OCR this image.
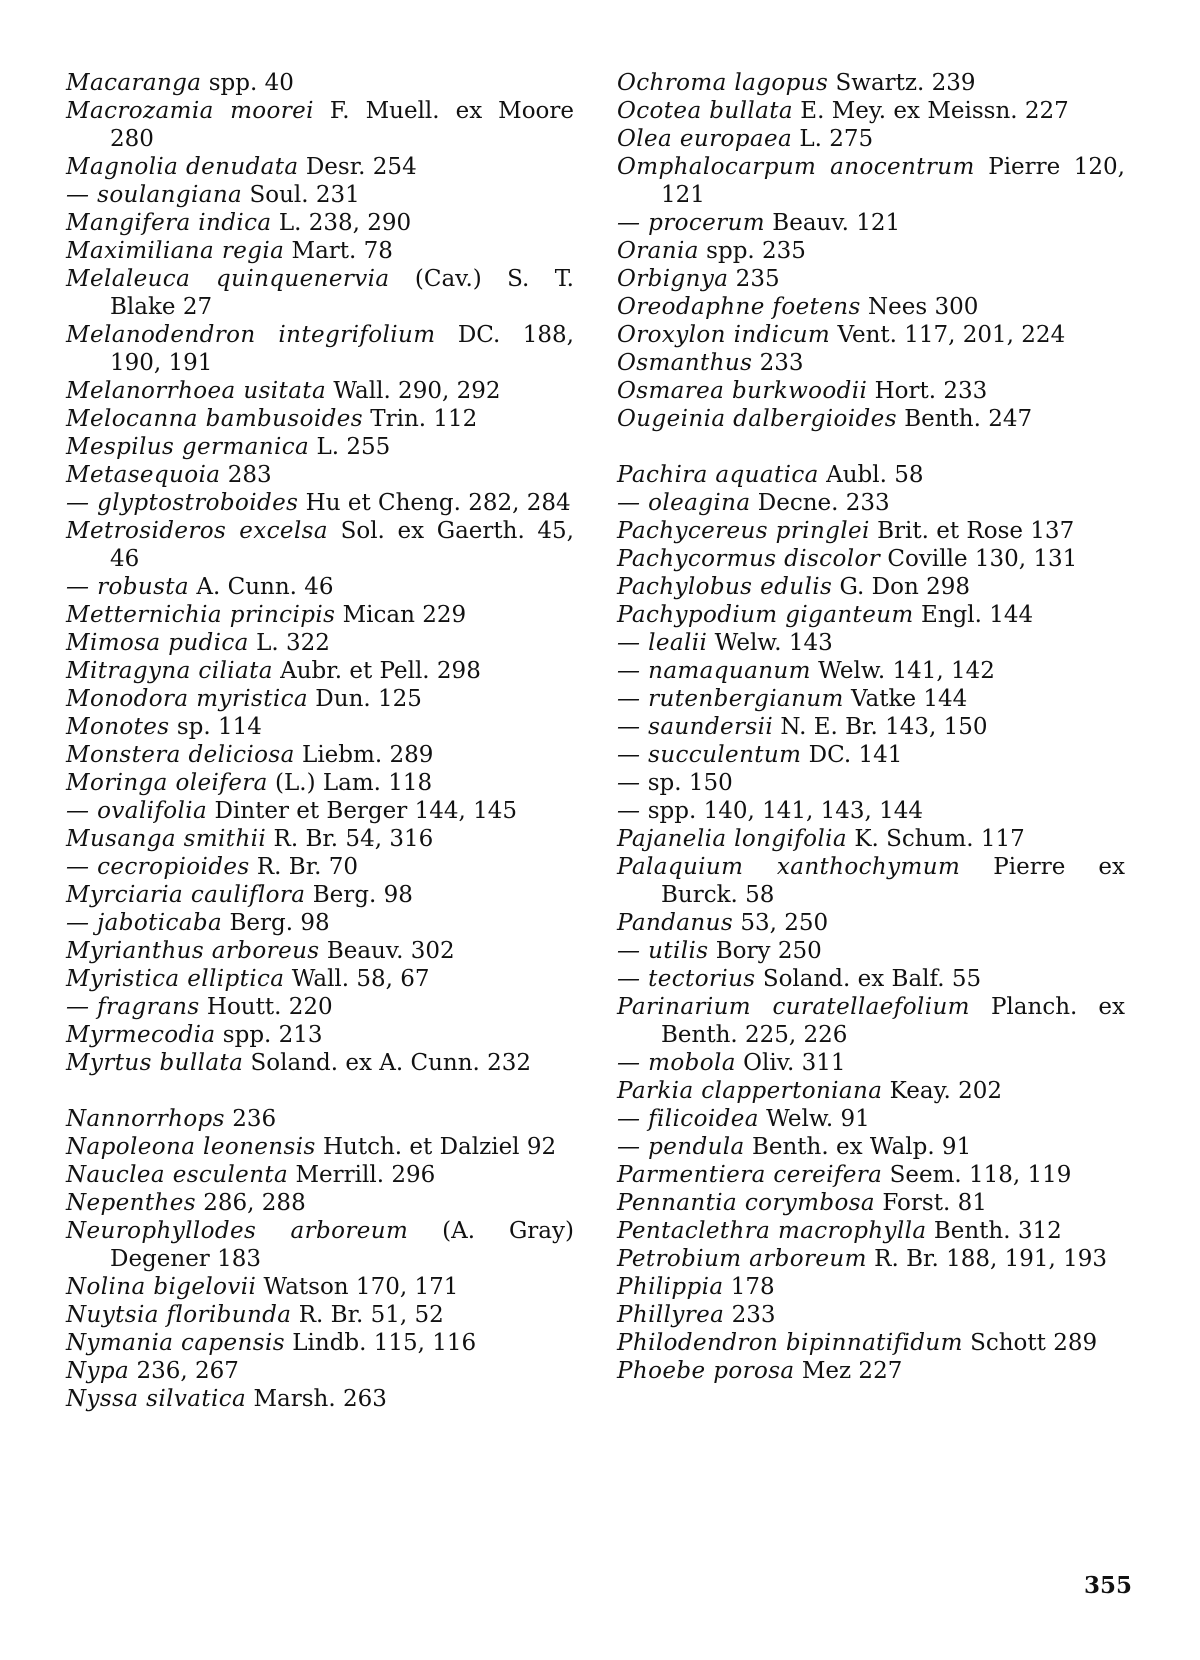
Macaranga spp. 40
Macrozamia moorei F. Muell. ex Moore 280
Magnolia denudata Desr. 254
— soulangiana Soul. 231
Mangifera indica L. 238, 290
Maximiliana regia Mart. 78
Melaleuca quinquenervia (Cav.) S. T. Blake 27
Melanodendron integrifolium DC. 188, 190, 191
Melanorrhoea usitata Wall. 290, 292
Melocanna bambusoides Trin. 112
Mespilus germanica L. 255
Metasequoia 283
— glyptostroboides Hu et Cheng. 282, 284
Metrosideros excelsa Sol. ex Gaerth. 45, 46
— robusta A. Cunn. 46
Metternichia principis Mican 229
Mimosa pudica L. 322
Mitragyna ciliata Aubr. et Pell. 298
Monodora myristica Dun. 125
Monotes sp. 114
Monstera deliciosa Liebm. 289
Moringa oleifera (L.) Lam. 118
— ovalifolia Dinter et Berger 144, 145
Musanga smithii R. Br. 54, 316
— cecropioides R. Br. 70
Myrciaria cauliflora Berg. 98
— jaboticaba Berg. 98
Myrianthus arboreus Beauv. 302
Myristica elliptica Wall. 58, 67
— fragrans Houtt. 220
Myrmecodia spp. 213
Myrtus bullata Soland. ex A. Cunn. 232
Nannorrhops 236
Napoleona leonensis Hutch. et Dalziel 92
Nauclea esculenta Merrill. 296
Nepenthes 286, 288
Neurophyllodes arboreum (A. Gray) Degener 183
Nolina bigelovii Watson 170, 171
Nuytsia floribunda R. Br. 51, 52
Nymania capensis Lindb. 115, 116
Nypa 236, 267
Nyssa silvatica Marsh. 263
Ochroma lagopus Swartz. 239
Ocotea bullata E. Mey. ex Meissn. 227
Olea europaea L. 275
Omphalocarpum anocentrum Pierre 120, 121
— procerum Beauv. 121
Orania spp. 235
Orbignya 235
Oreodaphne foetens Nees 300
Oroxylon indicum Vent. 117, 201, 224
Osmanthus 233
Osmarea burkwoodii Hort. 233
Ougeinia dalbergioides Benth. 247
Pachira aquatica Aubl. 58
— oleagina Decne. 233
Pachycereus pringlei Brit. et Rose 137
Pachycormus discolor Coville 130, 131
Pachylobus edulis G. Don 298
Pachypodium giganteum Engl. 144
— lealii Welw. 143
— namaquanum Welw. 141, 142
— rutenbergianum Vatke 144
— saundersii N. E. Br. 143, 150
— succulentum DC. 141
— sp. 150
— spp. 140, 141, 143, 144
Pajanelia longifolia K. Schum. 117
Palaquium xanthochymum Pierre ex Burck. 58
Pandanus 53, 250
— utilis Bory 250
— tectorius Soland. ex Balf. 55
Parinarium curatellaefolium Planch. ex Benth. 225, 226
— mobola Oliv. 311
Parkia clappertoniana Keay. 202
— filicoidea Welw. 91
— pendula Benth. ex Walp. 91
Parmentiera cereifera Seem. 118, 119
Pennantia corymbosa Forst. 81
Pentaclethra macrophylla Benth. 312
Petrobium arboreum R. Br. 188, 191, 193
Philippia 178
Phillyrea 233
Philodendron bipinnatifidum Schott 289
Phoebe porosa Mez 227
355
